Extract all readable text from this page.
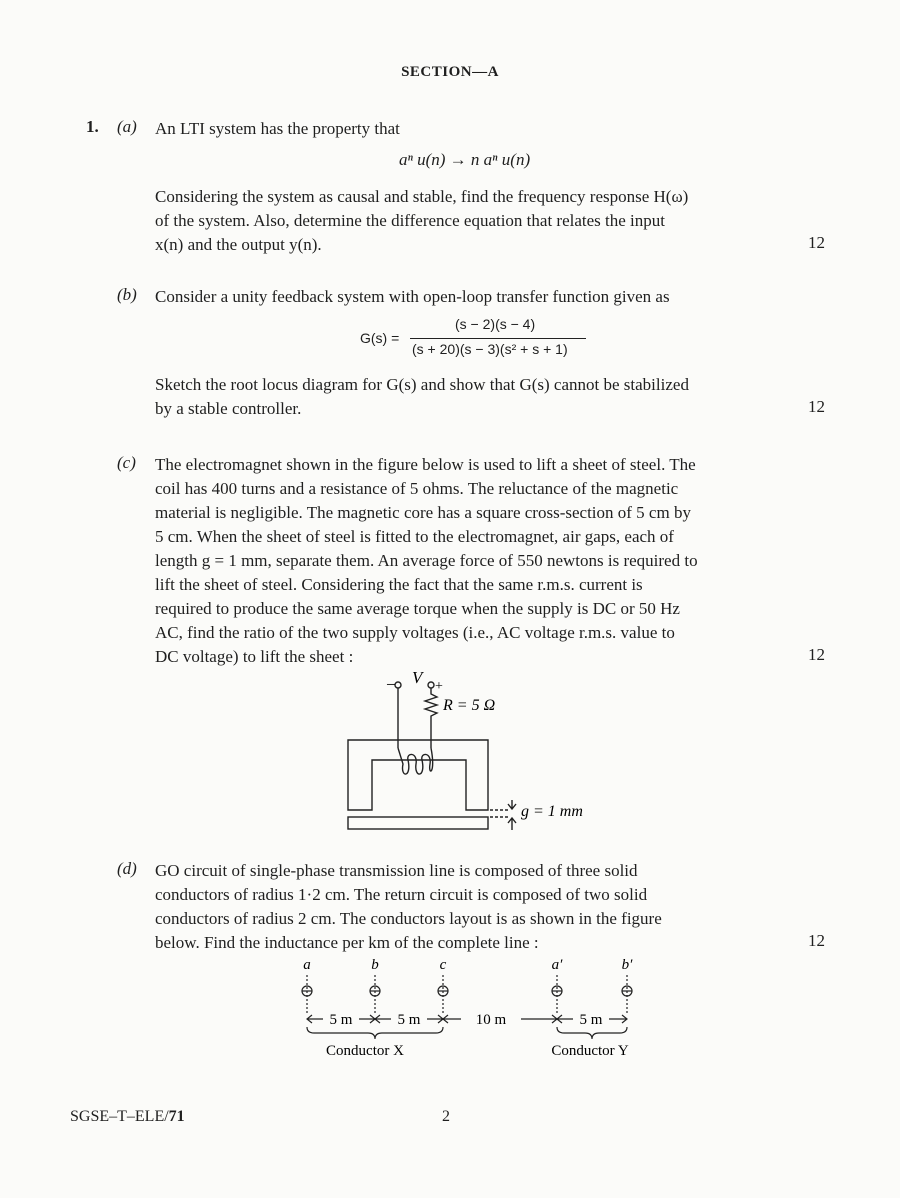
SECTION—A
1. (a) An LTI system has the property that
aⁿ u(n) → n aⁿ u(n)
Considering the system as causal and stable, find the frequency response H(ω)
of the system. Also, determine the difference equation that relates the input
x(n) and the output y(n).	12
(b) Consider a unity feedback system with open-loop transfer function given as
G(s) =
(s − 2)(s − 4)
(s + 20)(s − 3)(s² + s + 1)
Sketch the root locus diagram for G(s) and show that G(s) cannot be stabilized
by a stable controller.	12
(c) The electromagnet shown in the figure below is used to lift a sheet of steel. The
coil has 400 turns and a resistance of 5 ohms. The reluctance of the magnetic
material is negligible. The magnetic core has a square cross-section of 5 cm by
5 cm. When the sheet of steel is fitted to the electromagnet, air gaps, each of
length g = 1 mm, separate them. An average force of 550 newtons is required to
lift the sheet of steel. Considering the fact that the same r.m.s. current is
required to produce the same average torque when the supply is DC or 50 Hz
AC, find the ratio of the two supply voltages (i.e., AC voltage r.m.s. value to
DC voltage) to lift the sheet :	12
−	+
V
R = 5 Ω
g = 1 mm
(d) GO circuit of single-phase transmission line is composed of three solid
conductors of radius 1·2 cm. The return circuit is composed of two solid
conductors of radius 2 cm. The conductors layout is as shown in the figure
below. Find the inductance per km of the complete line :	12
a	b	c	a′	b′
5 m	5 m	10 m	5 m
Conductor X	Conductor Y
SGSE–T–ELE/71	2
